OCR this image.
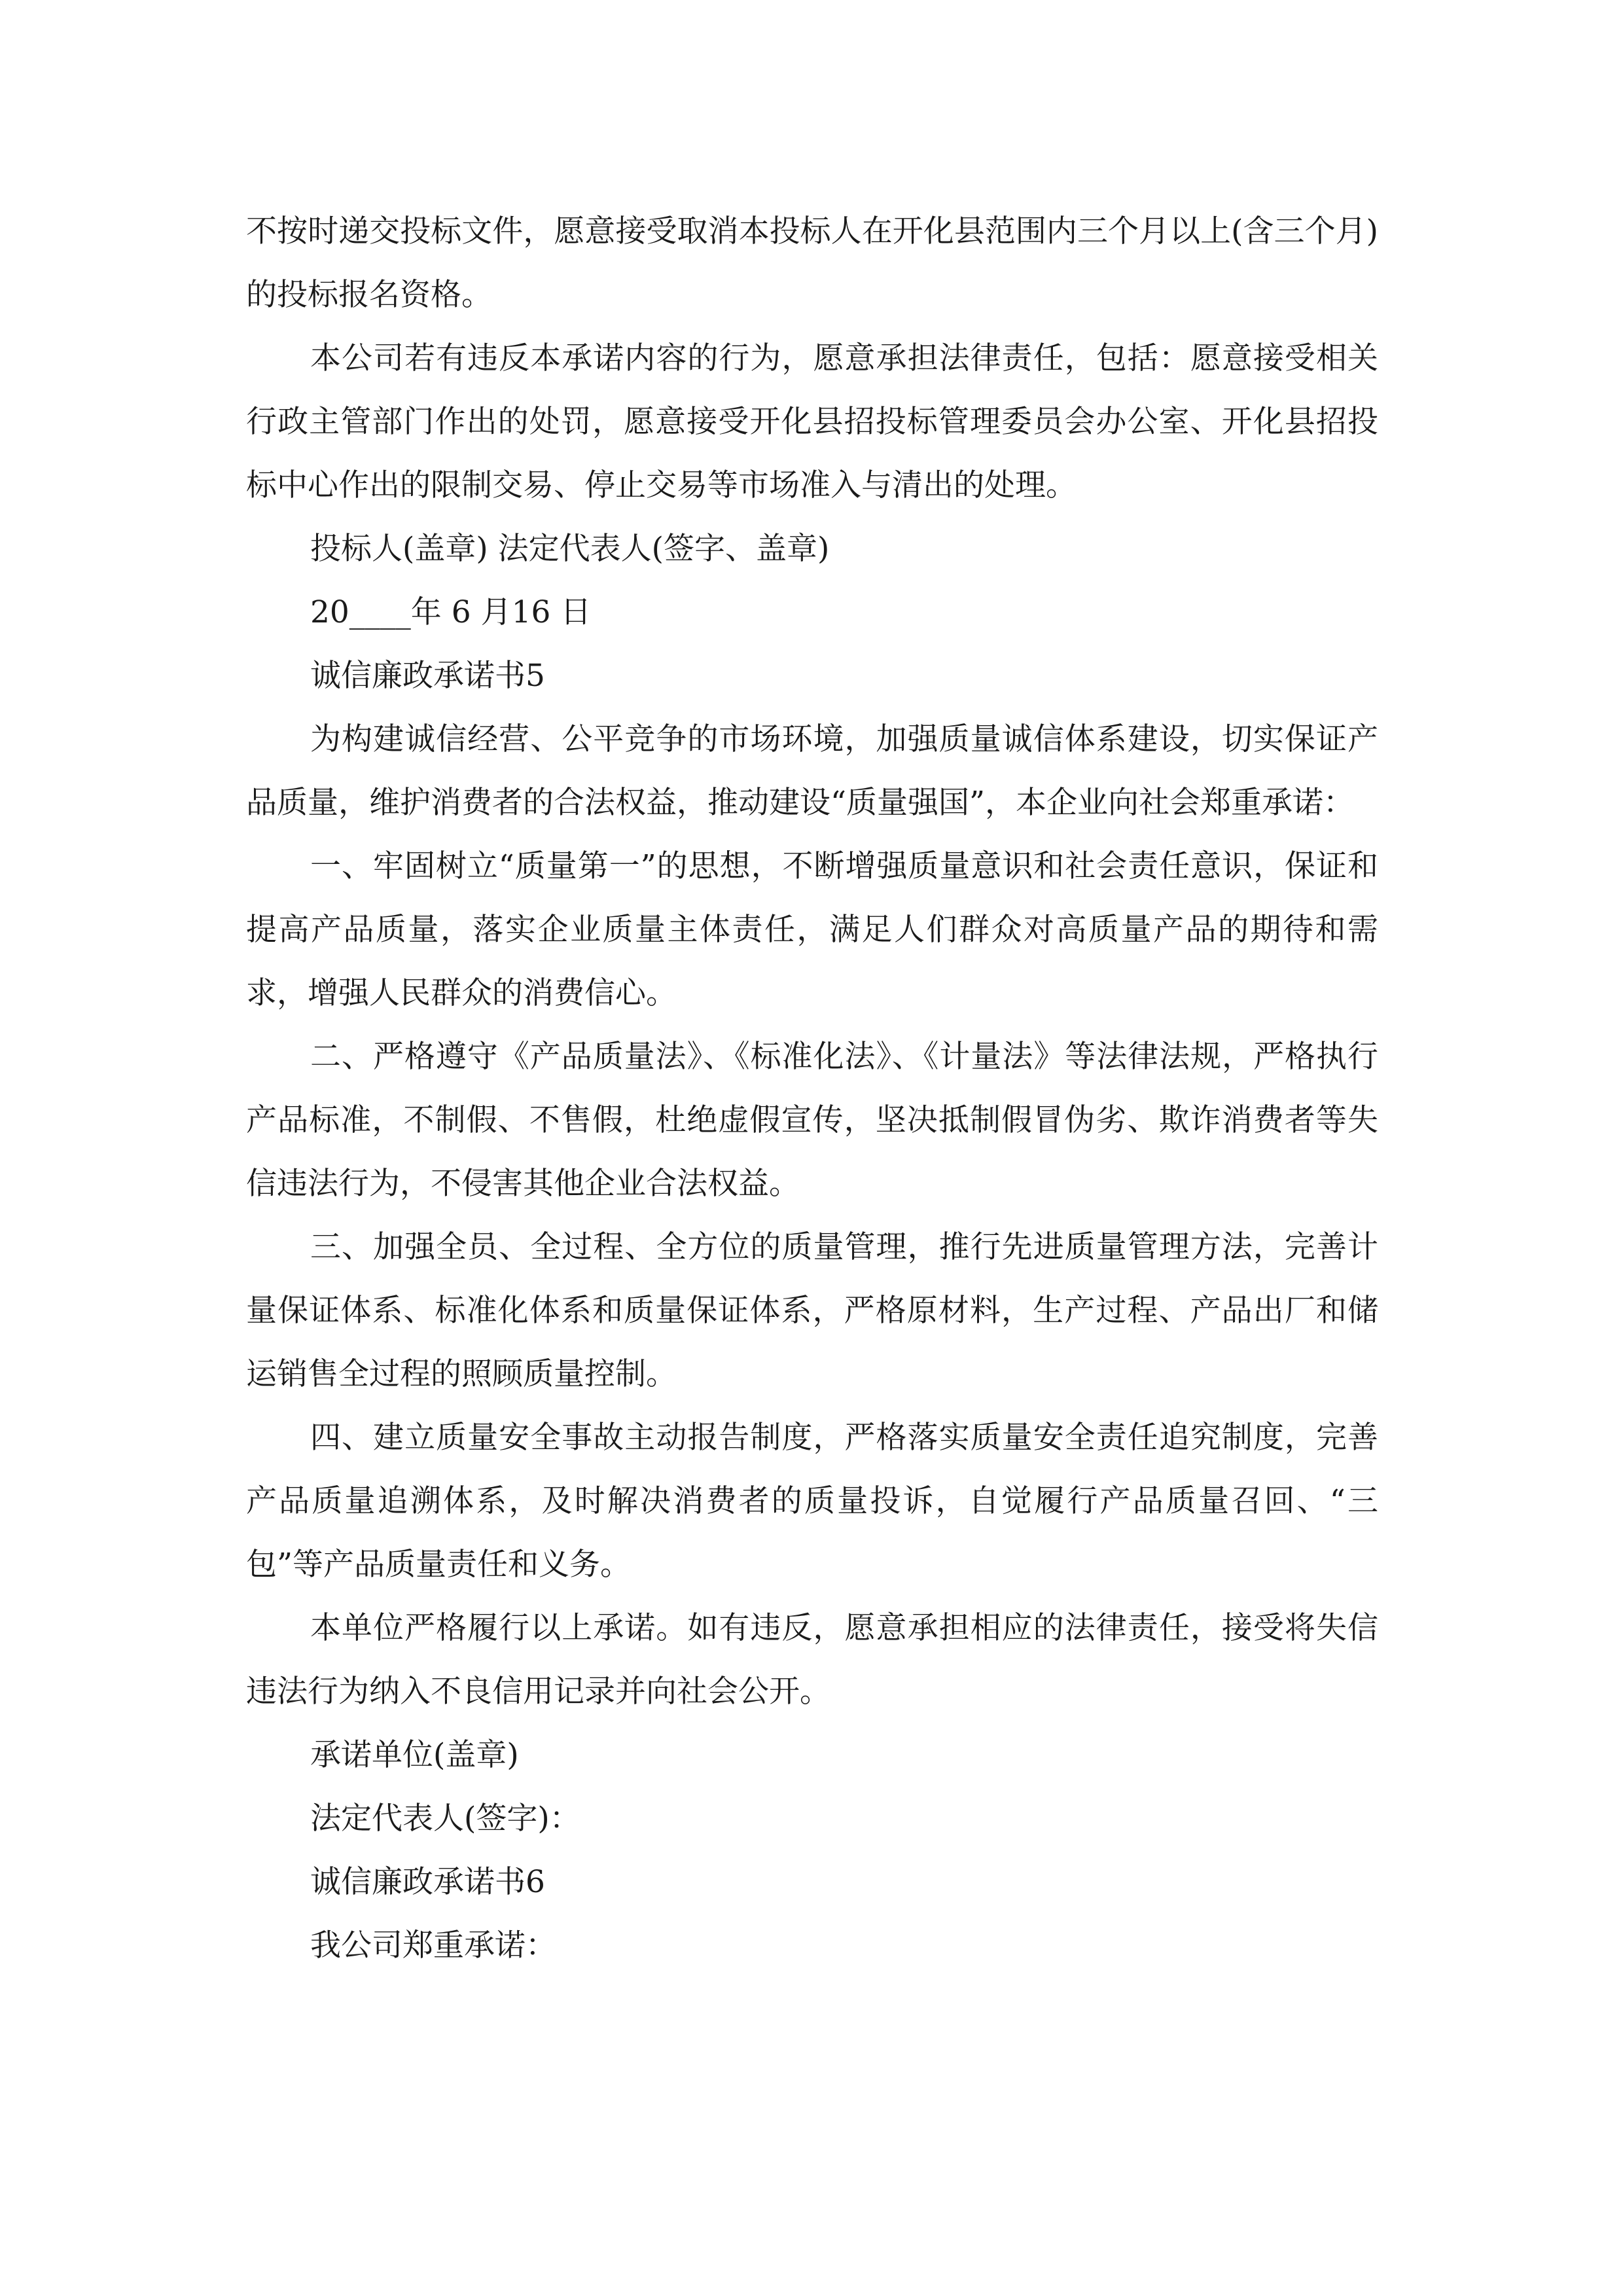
不按时递交投标文件，愿意接受取消本投标人在开化县范围内三个月以上(含三个月)的投标报名资格。

本公司若有违反本承诺内容的行为，愿意承担法律责任，包括：愿意接受相关行政主管部门作出的处罚，愿意接受开化县招投标管理委员会办公室、开化县招投标中心作出的限制交易、停止交易等市场准入与清出的处理。

投标人(盖章) 法定代表人(签字、盖章)

20____年 6 月16 日

诚信廉政承诺书5

为构建诚信经营、公平竞争的市场环境，加强质量诚信体系建设，切实保证产品质量，维护消费者的合法权益，推动建设“质量强国”，本企业向社会郑重承诺：

一、牢固树立“质量第一”的思想，不断增强质量意识和社会责任意识，保证和提高产品质量，落实企业质量主体责任，满足人们群众对高质量产品的期待和需求，增强人民群众的消费信心。

二、严格遵守《产品质量法》、《标准化法》、《计量法》等法律法规，严格执行产品标准，不制假、不售假，杜绝虚假宣传，坚决抵制假冒伪劣、欺诈消费者等失信违法行为，不侵害其他企业合法权益。

三、加强全员、全过程、全方位的质量管理，推行先进质量管理方法，完善计量保证体系、标准化体系和质量保证体系，严格原材料，生产过程、产品出厂和储运销售全过程的照顾质量控制。

四、建立质量安全事故主动报告制度，严格落实质量安全责任追究制度，完善产品质量追溯体系，及时解决消费者的质量投诉，自觉履行产品质量召回、“三包”等产品质量责任和义务。

本单位严格履行以上承诺。如有违反，愿意承担相应的法律责任，接受将失信违法行为纳入不良信用记录并向社会公开。

承诺单位(盖章)

法定代表人(签字)：

诚信廉政承诺书6

我公司郑重承诺：
